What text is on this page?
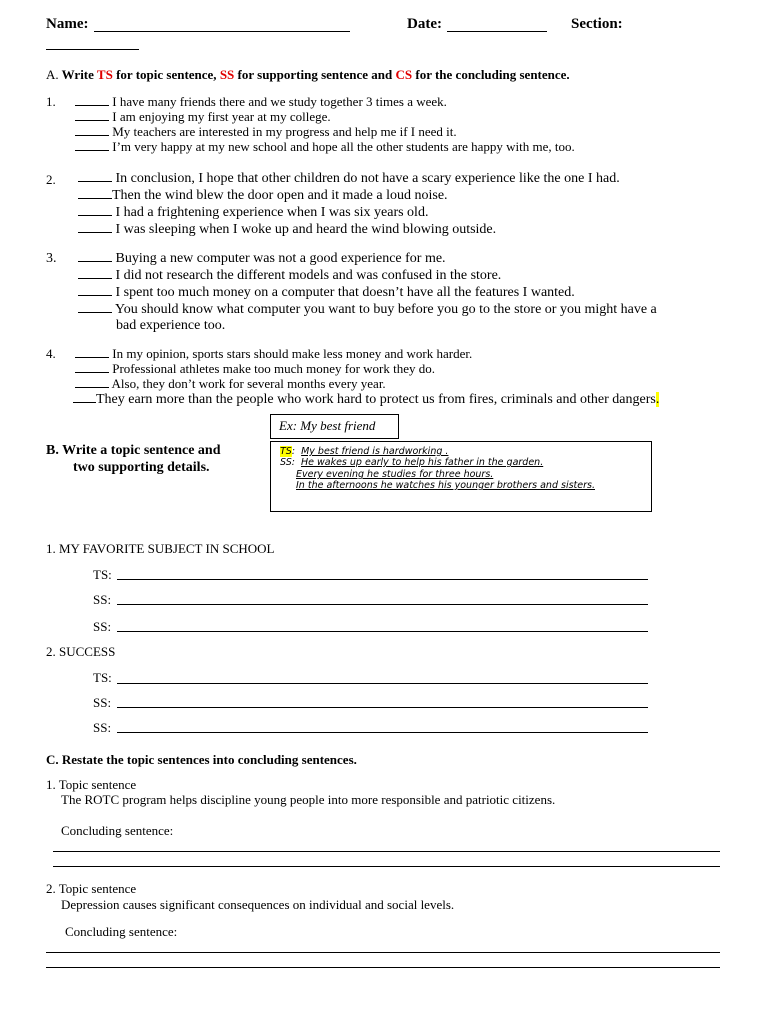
Name:	Date:	Section:
A. Write TS for topic sentence, SS for supporting sentence and CS for the concluding sentence.
1.	I have many friends there and we study together 3 times a week.
I am enjoying my first year at my college.
My teachers are interested in my progress and help me if I need it.
I’m very happy at my new school and hope all the other students are happy with me, too.
2.	In conclusion, I hope that other children do not have a scary experience like the one I had.
Then the wind blew the door open and it made a loud noise.
I had a frightening experience when I was six years old.
I was sleeping when I woke up and heard the wind blowing outside.
3.	Buying a new computer was not a good experience for me.
I did not research the different models and was confused in the store.
I spent too much money on a computer that doesn’t have all the features I wanted.
You should know what computer you want to buy before you go to the store or you might have a
bad experience too.
4.	In my opinion, sports stars should make less money and work harder.
Professional athletes make too much money for work they do.
Also, they don’t work for several months every year.
They earn more than the people who work hard to protect us from fires, criminals and other dangers.
Ex: My best friend
B. Write a topic sentence and
two supporting details.
TS:  My best friend is hardworking .
SS:  He wakes up early to help his father in the garden.
Every evening he studies for three hours.
In the afternoons he watches his younger brothers and sisters.
1. MY FAVORITE SUBJECT IN SCHOOL
TS:
SS:
SS:
2. SUCCESS
TS:
SS:
SS:
C. Restate the topic sentences into concluding sentences.
1. Topic sentence
The ROTC program helps discipline young people into more responsible and patriotic citizens.
Concluding sentence:
2. Topic sentence
Depression causes significant consequences on individual and social levels.
Concluding sentence:
